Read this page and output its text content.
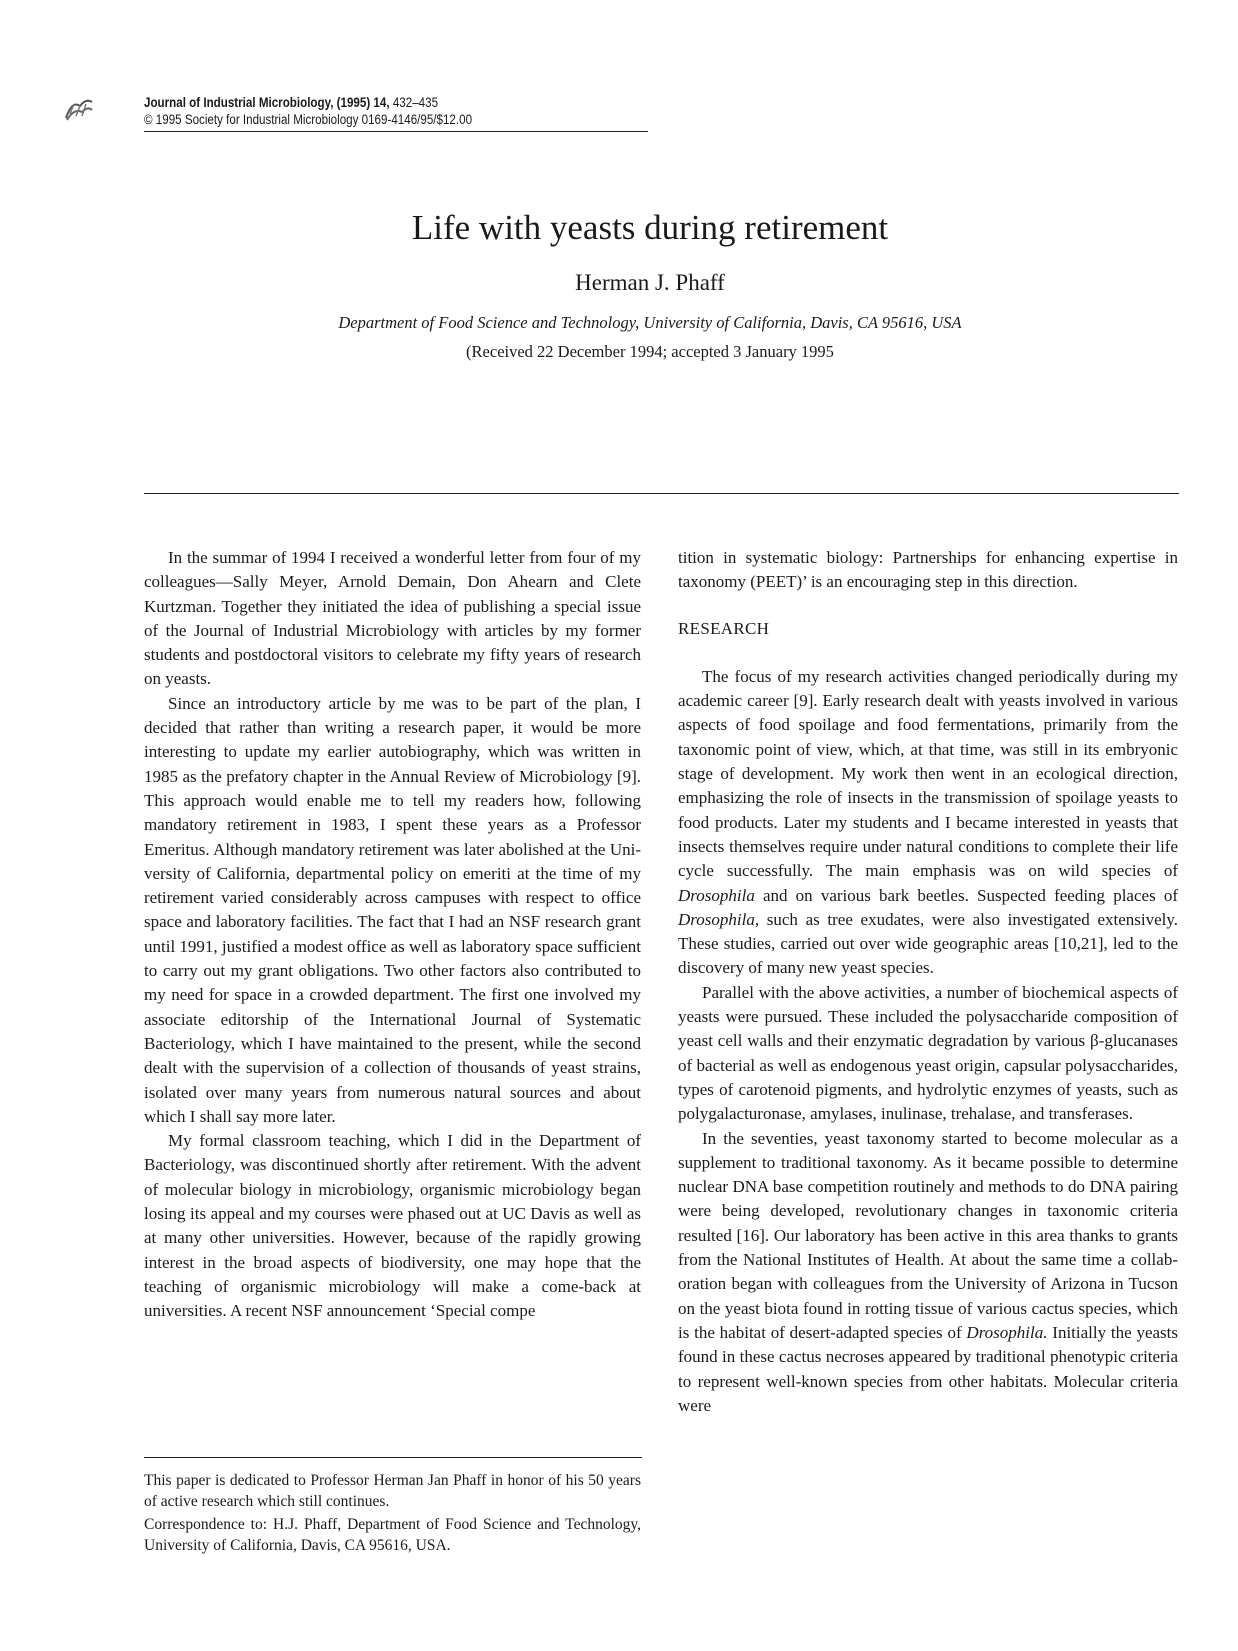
Journal of Industrial Microbiology, (1995) 14, 432–435
© 1995 Society for Industrial Microbiology 0169-4146/95/$12.00
Life with yeasts during retirement
Herman J. Phaff
Department of Food Science and Technology, University of California, Davis, CA 95616, USA
(Received 22 December 1994; accepted 3 January 1995

In the summar of 1994 I received a wonderful letter from four of my colleagues—Sally Meyer, Arnold Demain, Don Ahearn and Clete Kurtzman. Together they initiated the idea of publishing a special issue of the Journal of Industrial Microbiology with articles by my former students and postdoctoral visitors to celebrate my fifty years of research on yeasts.

Since an introductory article by me was to be part of the plan, I decided that rather than writing a research paper, it would be more interesting to update my earlier autobiography, which was written in 1985 as the prefatory chapter in the Annual Review of Microbiology [9]. This approach would enable me to tell my readers how, following mandatory retirement in 1983, I spent these years as a Professor Emeritus. Although mandatory retirement was later abolished at the University of California, departmental policy on emeriti at the time of my retirement varied considerably across campuses with respect to office space and laboratory facilities. The fact that I had an NSF research grant until 1991, justified a modest office as well as laboratory space sufficient to carry out my grant obligations. Two other factors also contributed to my need for space in a crowded department. The first one involved my associate editorship of the International Journal of Systematic Bacteriology, which I have maintained to the present, while the second dealt with the supervision of a collection of thousands of yeast strains, isolated over many years from numerous natural sources and about which I shall say more later.

My formal classroom teaching, which I did in the Department of Bacteriology, was discontinued shortly after retirement. With the advent of molecular biology in microbiology, organismic microbiology began losing its appeal and my courses were phased out at UC Davis as well as at many other universities. However, because of the rapidly growing interest in the broad aspects of biodiversity, one may hope that the teaching of organismic microbiology will make a come-back at universities. A recent NSF announcement ‘Special compe

tition in systematic biology: Partnerships for enhancing expertise in taxonomy (PEET)’ is an encouraging step in this direction.

RESEARCH

The focus of my research activities changed periodically during my academic career [9]. Early research dealt with yeasts involved in various aspects of food spoilage and food fermentations, primarily from the taxonomic point of view, which, at that time, was still in its embryonic stage of development. My work then went in an ecological direction, emphasizing the role of insects in the transmission of spoilage yeasts to food products. Later my students and I became interested in yeasts that insects themselves require under natural conditions to complete their life cycle successfully. The main emphasis was on wild species of Drosophila and on various bark beetles. Suspected feeding places of Drosophila, such as tree exudates, were also investigated extensively. These studies, carried out over wide geographic areas [10,21], led to the discovery of many new yeast species.

Parallel with the above activities, a number of biochemical aspects of yeasts were pursued. These included the polysaccharide composition of yeast cell walls and their enzymatic degradation by various β-glucanases of bacterial as well as endogenous yeast origin, capsular polysaccharides, types of carotenoid pigments, and hydrolytic enzymes of yeasts, such as polygalacturonase, amylases, inulinase, trehalase, and transferases.

In the seventies, yeast taxonomy started to become molecular as a supplement to traditional taxonomy. As it became possible to determine nuclear DNA base competition routinely and methods to do DNA pairing were being developed, revolutionary changes in taxonomic criteria resulted [16]. Our laboratory has been active in this area thanks to grants from the National Institutes of Health. At about the same time a collaboration began with colleagues from the University of Arizona in Tucson on the yeast biota found in rotting tissue of various cactus species, which is the habitat of desert-adapted species of Drosophila. Initially the yeasts found in these cactus necroses appeared by traditional phenotypic criteria to represent well-known species from other habitats. Molecular criteria were

This paper is dedicated to Professor Herman Jan Phaff in honor of his 50 years of active research which still continues.

Correspondence to: H.J. Phaff, Department of Food Science and Technology, University of California, Davis, CA 95616, USA.
